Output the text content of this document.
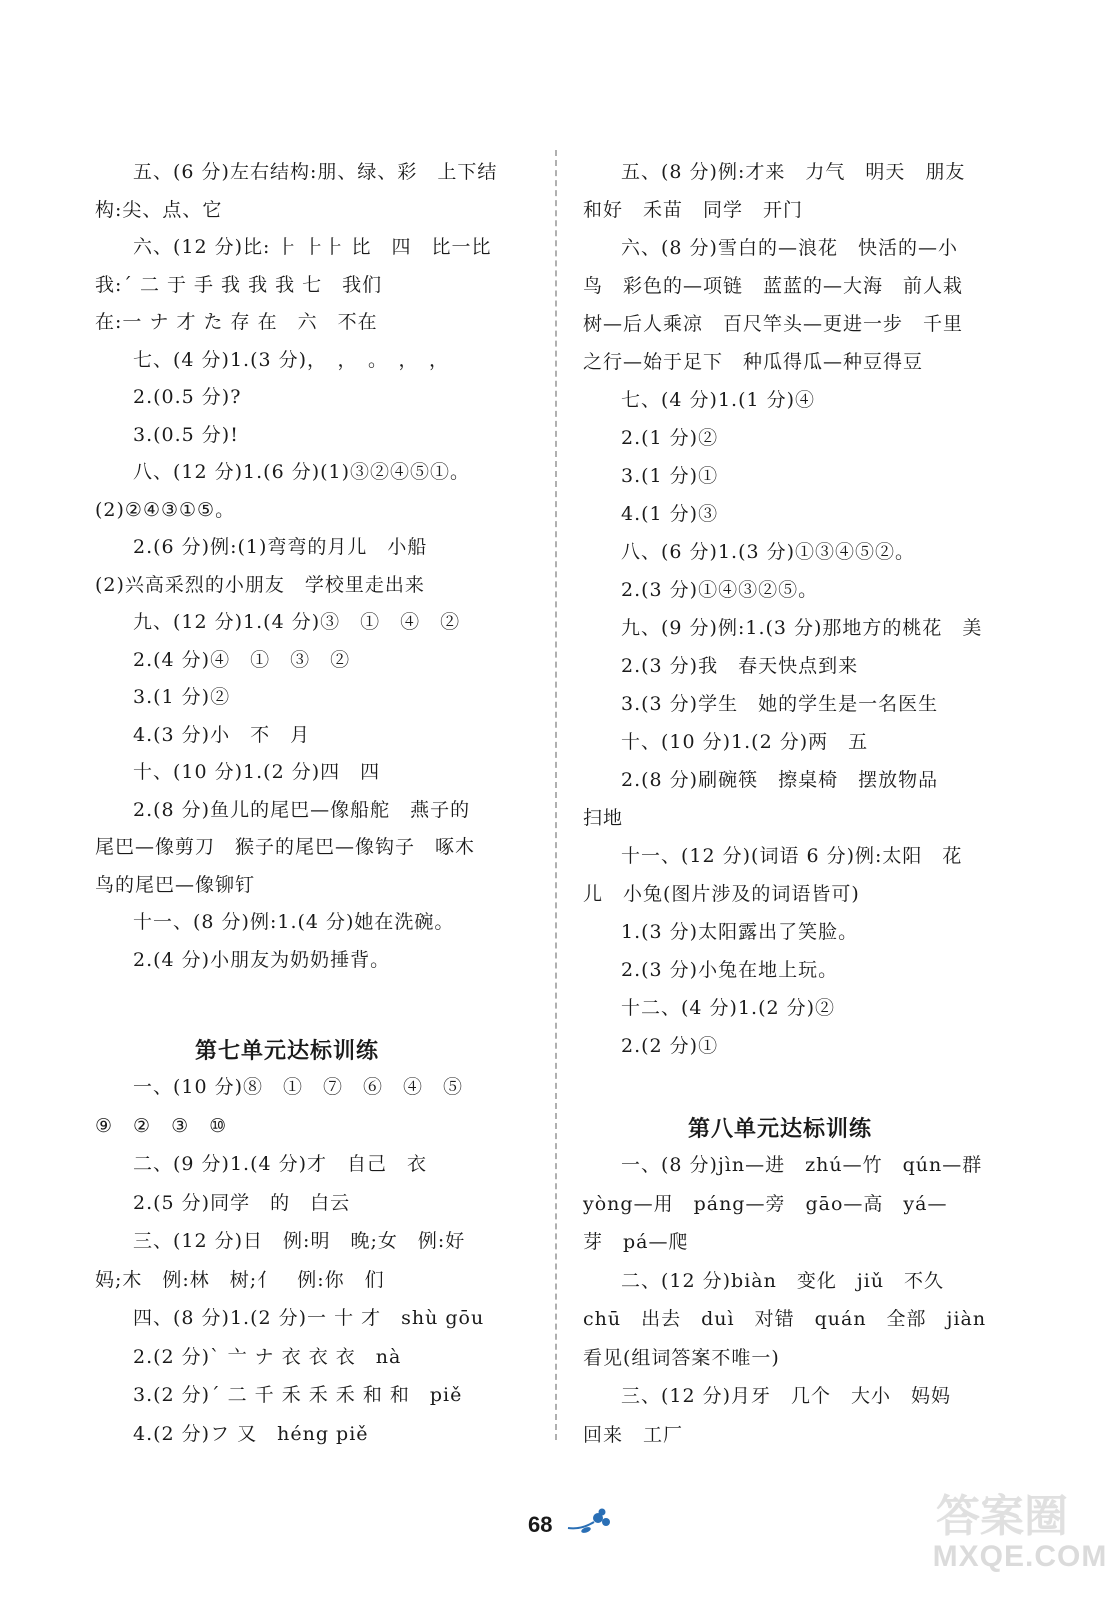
五、(6 分)左右结构:朋、绿、彩　上下结
构:尖、点、它
六、(12 分)比: ⺊ ⺊⺊ 比　四　比一比
我:ˊ 二 于 手 我 我 我 七　我们
在:一 ナ 才 た 存 在　六　不在
七、(4 分)1.(3 分)，　，　。　，　，
2.(0.5 分)?
3.(0.5 分)!
八、(12 分)1.(6 分)(1)③②④⑤①。
(2)②④③①⑤。
2.(6 分)例:(1)弯弯的月儿　小船
(2)兴高采烈的小朋友　学校里走出来
九、(12 分)1.(4 分)③　①　④　②
2.(4 分)④　①　③　②
3.(1 分)②
4.(3 分)小　不　月
十、(10 分)1.(2 分)四　四
2.(8 分)鱼儿的尾巴—像船舵　燕子的
尾巴—像剪刀　猴子的尾巴—像钩子　啄木
鸟的尾巴—像铆钉
十一、(8 分)例:1.(4 分)她在洗碗。
2.(4 分)小朋友为奶奶捶背。
一、(10 分)⑧　①　⑦　⑥　④　⑤
⑨　②　③　⑩
二、(9 分)1.(4 分)才　自己　衣
2.(5 分)同学　的　白云
三、(12 分)日　例:明　晚;女　例:好
妈;木　例:林　树;亻　例:你　们
四、(8 分)1.(2 分)一 十 才　shù gōu
2.(2 分)ˋ 亠 ナ 衣 衣 衣　nà
3.(2 分)ˊ 二 千 禾 禾 禾 和 和　piě
4.(2 分)フ 又　héng piě
五、(8 分)例:才来　力气　明天　朋友
和好　禾苗　同学　开门
六、(8 分)雪白的—浪花　快活的—小
鸟　彩色的—项链　蓝蓝的—大海　前人栽
树—后人乘凉　百尺竿头—更进一步　千里
之行—始于足下　种瓜得瓜—种豆得豆
七、(4 分)1.(1 分)④
2.(1 分)②
3.(1 分)①
4.(1 分)③
八、(6 分)1.(3 分)①③④⑤②。
2.(3 分)①④③②⑤。
九、(9 分)例:1.(3 分)那地方的桃花　美
2.(3 分)我　春天快点到来
3.(3 分)学生　她的学生是一名医生
十、(10 分)1.(2 分)两　五
2.(8 分)刷碗筷　擦桌椅　摆放物品
扫地
十一、(12 分)(词语 6 分)例:太阳　花
儿　小兔(图片涉及的词语皆可)
1.(3 分)太阳露出了笑脸。
2.(3 分)小兔在地上玩。
十二、(4 分)1.(2 分)②
2.(2 分)①
一、(8 分)jìn—进　zhú—竹　qún—群
yòng—用　páng—旁　gāo—高　yá—
芽　pá—爬
二、(12 分)biàn　变化　jiǔ　不久
chū　出去　duì　对错　quán　全部　jiàn
看见(组词答案不唯一)
三、(12 分)月牙　几个　大小　妈妈
回来　工厂
第七单元达标训练
第八单元达标训练
68	答案圈
MXQE.COM
